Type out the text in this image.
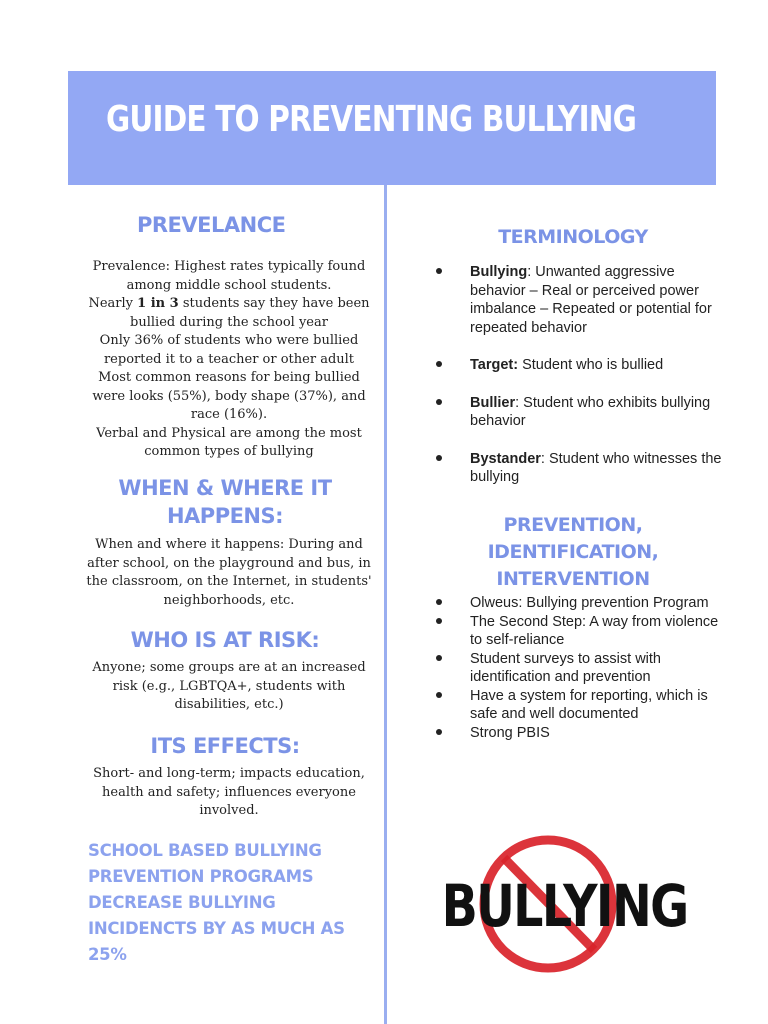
GUIDE TO PREVENTING BULLYING
PREVELANCE

Prevalence: Highest rates typically found
among middle school students.
Nearly 1 in 3 students say they have been
bullied during the school year
Only 36% of students who were bullied
reported it to a teacher or other adult
Most common reasons for being bullied
were looks (55%), body shape (37%), and
race (16%).
Verbal and Physical are among the most
common types of bullying

WHEN & WHERE IT HAPPENS:

When and where it happens: During and
after school, on the playground and bus, in
the classroom, on the Internet, in students'
neighborhoods, etc.

WHO IS AT RISK:

Anyone; some groups are at an increased
risk (e.g., LGBTQA+, students with
disabilities, etc.)

ITS EFFECTS:

Short- and long-term; impacts education,
health and safety; influences everyone
involved.

SCHOOL BASED BULLYING PREVENTION PROGRAMS DECREASE BULLYING INCIDENCTS BY AS MUCH AS 25%

TERMINOLOGY
Bullying: Unwanted aggressive behavior – Real or perceived power imbalance – Repeated or potential for repeated behavior
Target: Student who is bullied
Bullier: Student who exhibits bullying behavior
Bystander: Student who witnesses the bullying
PREVENTION, IDENTIFICATION, INTERVENTION
Olweus: Bullying prevention Program
The Second Step: A way from violence to self-reliance
Student surveys to assist with identification and prevention
Have a system for reporting, which is safe and well documented
Strong PBIS
BULLYING
